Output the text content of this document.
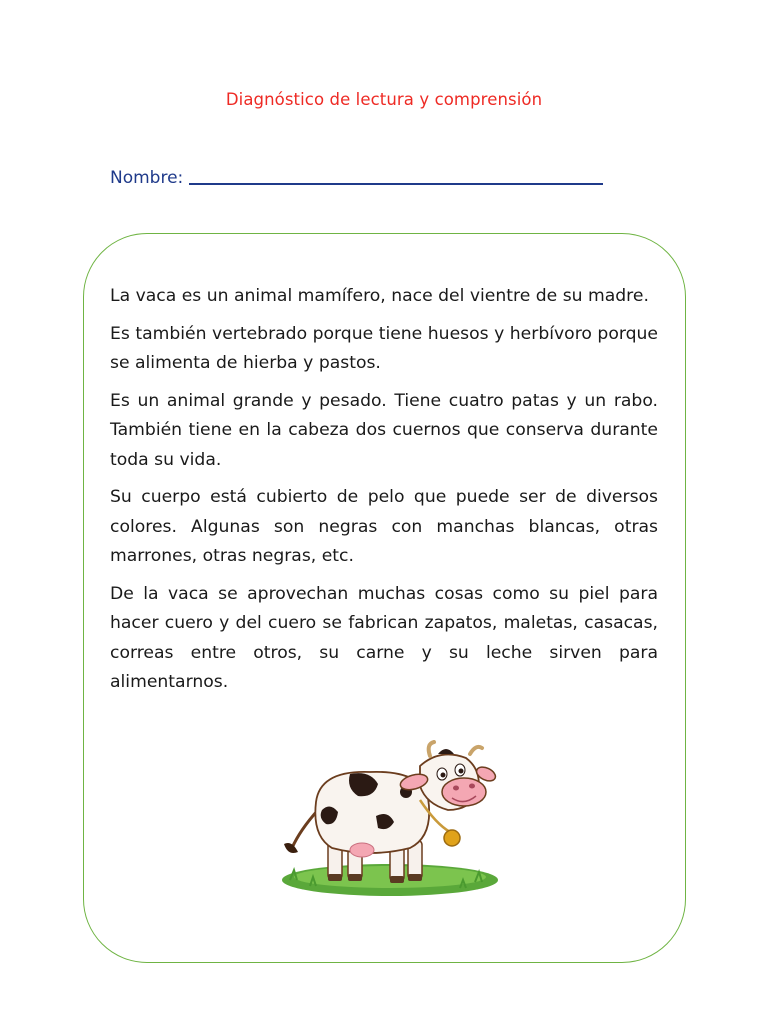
Diagnóstico de lectura y comprensión
Nombre:

La vaca es un animal mamífero, nace del vientre de su madre.

Es también vertebrado porque tiene huesos y herbívoro porque se alimenta de hierba y pastos.

Es un animal grande y pesado. Tiene cuatro patas y un rabo. También tiene en la cabeza dos cuernos que conserva durante toda su vida.

Su cuerpo está cubierto de pelo que puede ser de diversos colores. Algunas son negras con manchas blancas, otras marrones, otras negras, etc.

De la vaca se aprovechan muchas cosas como su piel para hacer cuero y del cuero se fabrican zapatos, maletas, casacas, correas entre otros, su carne y su leche sirven para alimentarnos.
